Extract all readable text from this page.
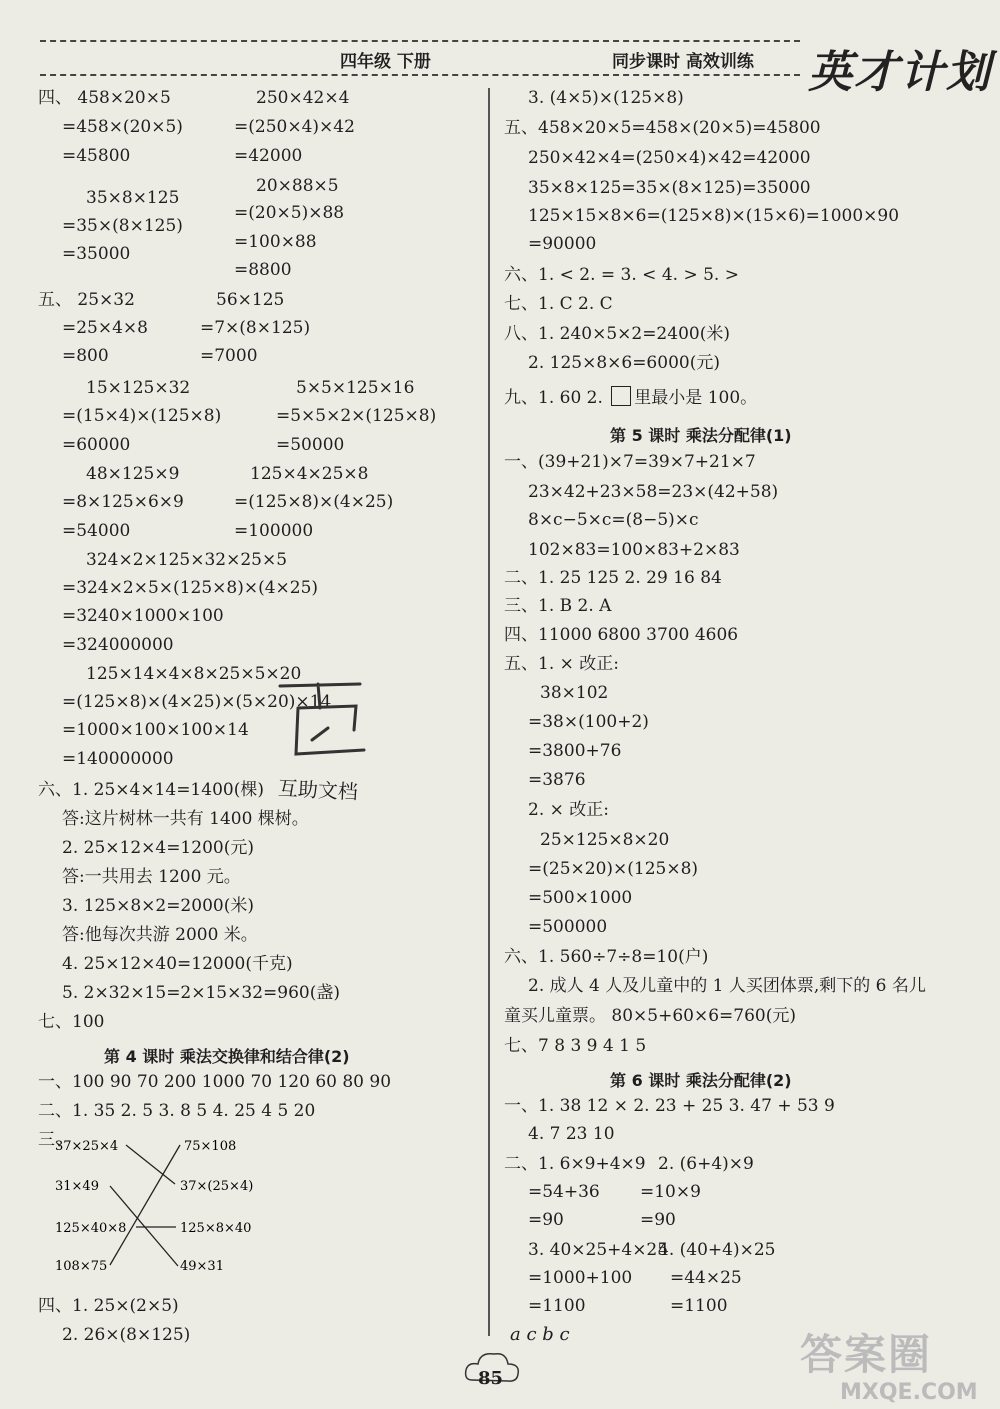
四年级 下册	同步课时 高效训练 英才计划
四、 458×20×5
=458×(20×5)
=45800
35×8×125
=35×(8×125)
=35000
250×42×4
=(250×4)×42
=42000
20×88×5
=(20×5)×88
=100×88
=8800
五、 25×32
=25×4×8
=800
56×125
=7×(8×125)
=7000
15×125×32
=(15×4)×(125×8)
=60000
5×5×125×16
=5×5×2×(125×8)
=50000
48×125×9
=8×125×6×9
=54000
125×4×25×8
=(125×8)×(4×25)
=100000
324×2×125×32×25×5
=324×2×5×(125×8)×(4×25)
=3240×1000×100
=324000000
125×14×4×8×25×5×20
=(125×8)×(4×25)×(5×20)×14
=1000×100×100×14
=140000000
六、1. 25×4×14=1400(棵)
答:这片树林一共有 1400 棵树。
2. 25×12×4=1200(元)
答:一共用去 1200 元。
3. 125×8×2=2000(米)
答:他每次共游 2000 米。
4. 25×12×40=12000(千克)
5. 2×32×15=2×15×32=960(盏)
七、100
第 4 课时 乘法交换律和结合律(2)
一、100 90 70 200 1000 70 120 60 80 90
二、1. 35 2. 5 3. 8 5 4. 25 4 5 20
三、
37×25×4
31×49
125×40×8
108×75
75×108
37×(25×4)
125×8×40
49×31
四、1. 25×(2×5)
2. 26×(8×125)
互助文档
3. (4×5)×(125×8)
五、458×20×5=458×(20×5)=45800
250×42×4=(250×4)×42=42000
35×8×125=35×(8×125)=35000
125×15×8×6=(125×8)×(15×6)=1000×90
=90000
六、1. < 2. = 3. < 4. > 5. >
七、1. C 2. C
八、1. 240×5×2=2400(米)
2. 125×8×6=6000(元)
九、1. 60 2. 里最小是 100。
第 5 课时 乘法分配律(1)
一、(39+21)×7=39×7+21×7
23×42+23×58=23×(42+58)
8×c−5×c=(8−5)×c
102×83=100×83+2×83
二、1. 25 125 2. 29 16 84
三、1. B 2. A
四、11000 6800 3700 4606
五、1. × 改正:
38×102
=38×(100+2)
=3800+76
=3876
2. × 改正:
25×125×8×20
=(25×20)×(125×8)
=500×1000
=500000
六、1. 560÷7÷8=10(户)
2. 成人 4 人及儿童中的 1 人买团体票,剩下的 6 名儿
童买儿童票。 80×5+60×6=760(元)
七、7 8 3 9 4 1 5
第 6 课时 乘法分配律(2)
一、1. 38 12 × 2. 23 + 25 3. 47 + 53 9
4. 7 23 10
二、1. 6×9+4×9
=54+36
=90
2. (6+4)×9
=10×9
=90
3. 40×25+4×25
=1000+100
=1100
4. (40+4)×25
=44×25
=1100
a c b c
85	答案圈
MXQE.COM
